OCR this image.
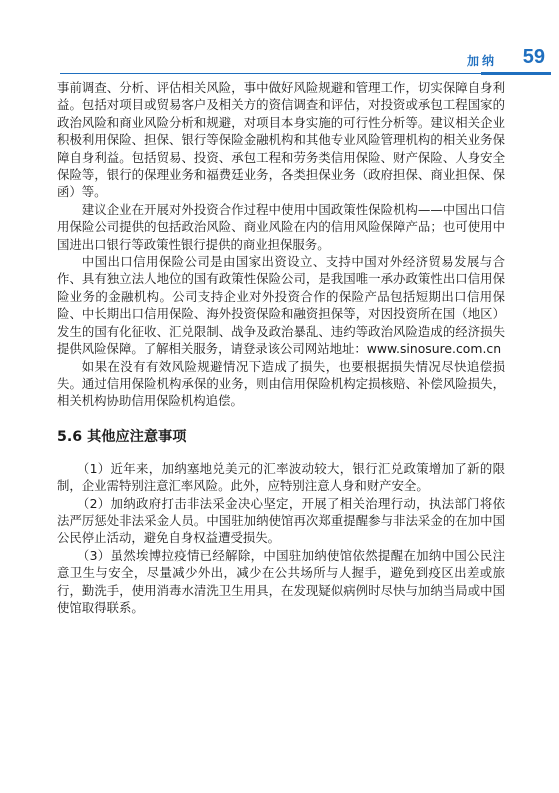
加纳 59

事前调查、分析、评估相关风险，事中做好风险规避和管理工作，切实保障自身利益。包括对项目或贸易客户及相关方的资信调查和评估，对投资或承包工程国家的政治风险和商业风险分析和规避，对项目本身实施的可行性分析等。建议相关企业积极利用保险、担保、银行等保险金融机构和其他专业风险管理机构的相关业务保障自身利益。包括贸易、投资、承包工程和劳务类信用保险、财产保险、人身安全保险等，银行的保理业务和福费廷业务，各类担保业务（政府担保、商业担保、保函）等。

建议企业在开展对外投资合作过程中使用中国政策性保险机构——中国出口信用保险公司提供的包括政治风险、商业风险在内的信用风险保障产品；也可使用中国进出口银行等政策性银行提供的商业担保服务。

中国出口信用保险公司是由国家出资设立、支持中国对外经济贸易发展与合作、具有独立法人地位的国有政策性保险公司，是我国唯一承办政策性出口信用保险业务的金融机构。公司支持企业对外投资合作的保险产品包括短期出口信用保险、中长期出口信用保险、海外投资保险和融资担保等，对因投资所在国（地区）发生的国有化征收、汇兑限制、战争及政治暴乱、违约等政治风险造成的经济损失提供风险保障。了解相关服务，请登录该公司网站地址：www.sinosure.com.cn

如果在没有有效风险规避情况下造成了损失，也要根据损失情况尽快追偿损失。通过信用保险机构承保的业务，则由信用保险机构定损核赔、补偿风险损失，相关机构协助信用保险机构追偿。

5.6 其他应注意事项

（1）近年来，加纳塞地兑美元的汇率波动较大，银行汇兑政策增加了新的限制，企业需特别注意汇率风险。此外，应特别注意人身和财产安全。

（2）加纳政府打击非法采金决心坚定，开展了相关治理行动，执法部门将依法严厉惩处非法采金人员。中国驻加纳使馆再次郑重提醒参与非法采金的在加中国公民停止活动，避免自身权益遭受损失。

（3）虽然埃博拉疫情已经解除，中国驻加纳使馆依然提醒在加纳中国公民注意卫生与安全，尽量减少外出，减少在公共场所与人握手，避免到疫区出差或旅行，勤洗手，使用消毒水清洗卫生用具，在发现疑似病例时尽快与加纳当局或中国使馆取得联系。
